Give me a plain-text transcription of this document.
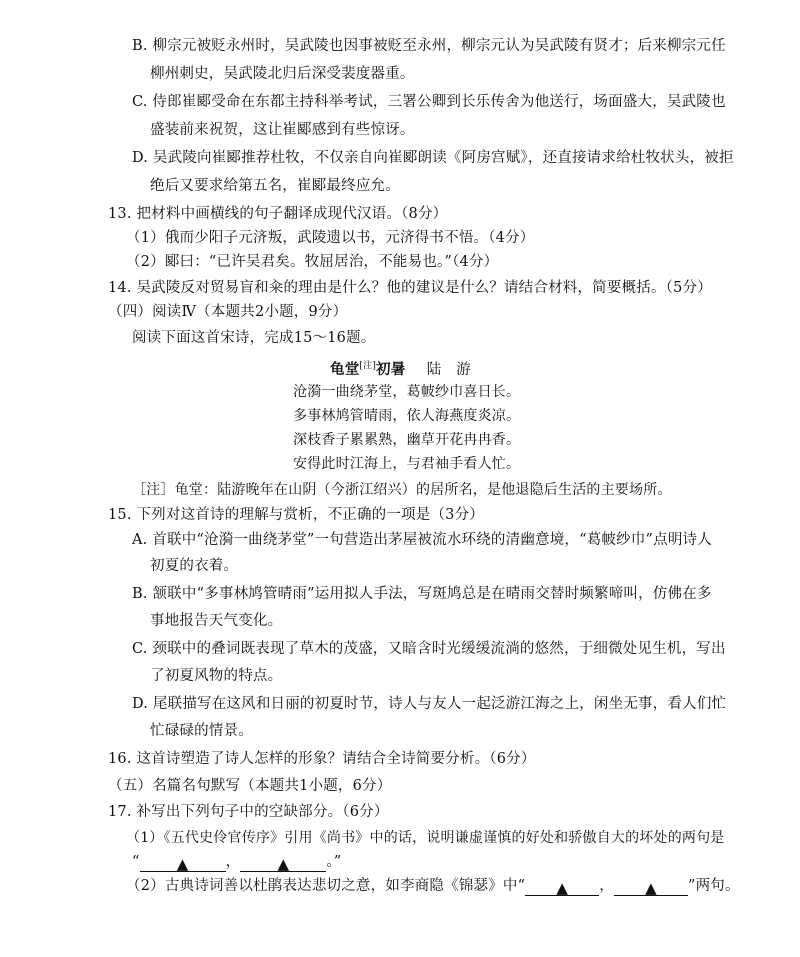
B. 柳宗元被贬永州时，吴武陵也因事被贬至永州，柳宗元认为吴武陵有贤才；后来柳宗元任
柳州刺史，吴武陵北归后深受裴度器重。
C. 侍郎崔郾受命在东都主持科举考试，三署公卿到长乐传舍为他送行，场面盛大，吴武陵也
盛装前来祝贺，这让崔郾感到有些惊讶。
D. 吴武陵向崔郾推荐杜牧，不仅亲自向崔郾朗读《阿房宫赋》，还直接请求给杜牧状头，被拒
绝后又要求给第五名，崔郾最终应允。
13. 把材料中画横线的句子翻译成现代汉语。（8分）
（1）俄而少阳子元济叛，武陵遗以书，元济得书不悟。（4分）
（2）郾曰：“已许吴君矣。牧屈居治，不能易也。”（4分）
14. 吴武陵反对贸易盲和籴的理由是什么？他的建议是什么？请结合材料，简要概括。（5分）
（四）阅读Ⅳ（本题共2小题，9分）
阅读下面这首宋诗，完成15～16题。
龟堂[注]初暑 陆　游
沧漪一曲绕茅堂，葛帔纱巾喜日长。
多事林鸠管晴雨，依人海燕度炎凉。
深枝香子累累熟，幽草开花冉冉香。
安得此时江海上，与君袖手看人忙。
［注］龟堂：陆游晚年在山阴（今浙江绍兴）的居所名，是他退隐后生活的主要场所。
15. 下列对这首诗的理解与赏析，不正确的一项是（3分）
A. 首联中“沧漪一曲绕茅堂”一句营造出茅屋被流水环绕的清幽意境，“葛帔纱巾”点明诗人
初夏的衣着。
B. 颔联中“多事林鸠管晴雨”运用拟人手法，写斑鸠总是在晴雨交替时频繁啼叫，仿佛在多
事地报告天气变化。
C. 颈联中的叠词既表现了草木的茂盛，又暗含时光缓缓流淌的悠然，于细微处见生机，写出
了初夏风物的特点。
D. 尾联描写在这风和日丽的初夏时节，诗人与友人一起泛游江海之上，闲坐无事，看人们忙
忙碌碌的情景。
16. 这首诗塑造了诗人怎样的形象？请结合全诗简要分析。（6分）
（五）名篇名句默写（本题共1小题，6分）
17. 补写出下列句子中的空缺部分。（6分）
（1）《五代史伶官传序》引用《尚书》中的话，说明谦虚谨慎的好处和骄傲自大的坏处的两句是
“ ▲	， ▲	。”
（2）古典诗词善以杜鹃表达悲切之意，如李商隐《锦瑟》中“ ▲ ， ▲ ”两句。
